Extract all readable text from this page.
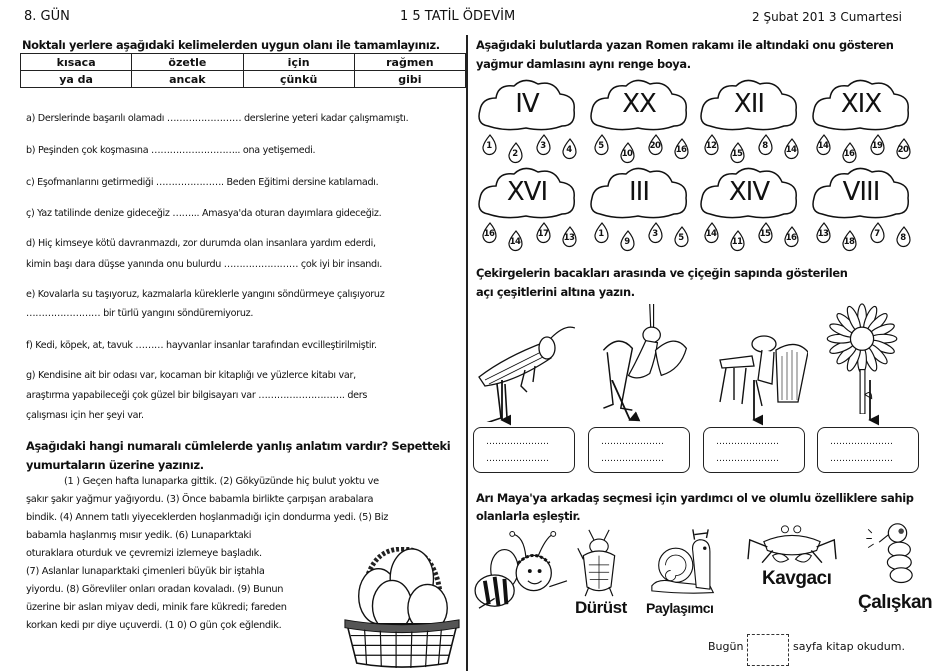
8. GÜN	1 5 TATİL ÖDEVİM	2 Şubat 201 3 Cumartesi
Noktalı yerlere aşağıdaki kelimelerden uygun olanı ile tamamlayınız.
kısaca	özetle	için	rağmen
ya da	ancak	çünkü	gibi
a) Derslerinde başarılı olamadı …………………… derslerine yeteri kadar çalışmamıştı.
b) Peşinden çok koşmasına ……………………….. ona yetişemedi.
c) Eşofmanlarını getirmediği …………………. Beden Eğitimi dersine katılamadı.
ç) Yaz tatilinde denize gideceğiz ……... Amasya'da oturan dayımlara gideceğiz.
d) Hiç kimseye kötü davranmazdı, zor durumda olan insanlara yardım ederdi,
kimin başı dara düşse yanında onu bulurdu …………………… çok iyi bir insandı.
e) Kovalarla su taşıyoruz, kazmalarla küreklerle yangını söndürmeye çalışıyoruz
…………………… bir türlü yangını söndüremiyoruz.
f) Kedi, köpek, at, tavuk ……… hayvanlar insanlar tarafından evcilleştirilmiştir.
g) Kendisine ait bir odası var, kocaman bir kitaplığı ve yüzlerce kitabı var,
araştırma yapabileceği çok güzel bir bilgisayarı var ………………………. ders
çalışması için her şeyi var.
Aşağıdaki hangi numaralı cümlelerde yanlış anlatım vardır? Sepetteki
yumurtaların üzerine yazınız.
(1 ) Geçen hafta lunaparka gittik. (2) Gökyüzünde hiç bulut yoktu ve
şakır şakır yağmur yağıyordu. (3) Önce babamla birlikte çarpışan arabalara
bindik. (4) Annem tatlı yiyeceklerden hoşlanmadığı için dondurma yedi. (5) Biz
babamla haşlanmış mısır yedik. (6) Lunaparktaki
oturaklara oturduk ve çevremizi izlemeye başladık.
(7) Aslanlar lunaparktaki çimenleri büyük bir iştahla
yiyordu. (8) Görevliler onları oradan kovaladı. (9) Bunun
üzerine bir aslan miyav dedi, minik fare kükredi; fareden
korkan kedi pır diye uçuverdi. (1 0) O gün çok eğlendik.
Aşağıdaki bulutlarda yazan Romen rakamı ile altındaki onu gösteren
yağmur damlasını aynı renge boya.
IV
1
2
3	4
XX
5
10
20	16
XII
12
15
8	14
XIX
14
16
19	20
XVI
16
14
17	13
III
1
9
3	5
XIV
14
11
15	16
VIII
13
18
7	8
Çekirgelerin bacakları arasında ve çiçeğin sapında gösterilen
açı çeşitlerini altına yazın.
…………………
…………………
…………………
…………………
…………………
…………………
…………………
…………………
Arı Maya'ya arkadaş seçmesi için yardımcı ol ve olumlu özelliklere sahip
olanlarla eşleştir.
Dürüst Paylaşımcı
Kavgacı
Çalışkan
Bugün	sayfa kitap okudum.
